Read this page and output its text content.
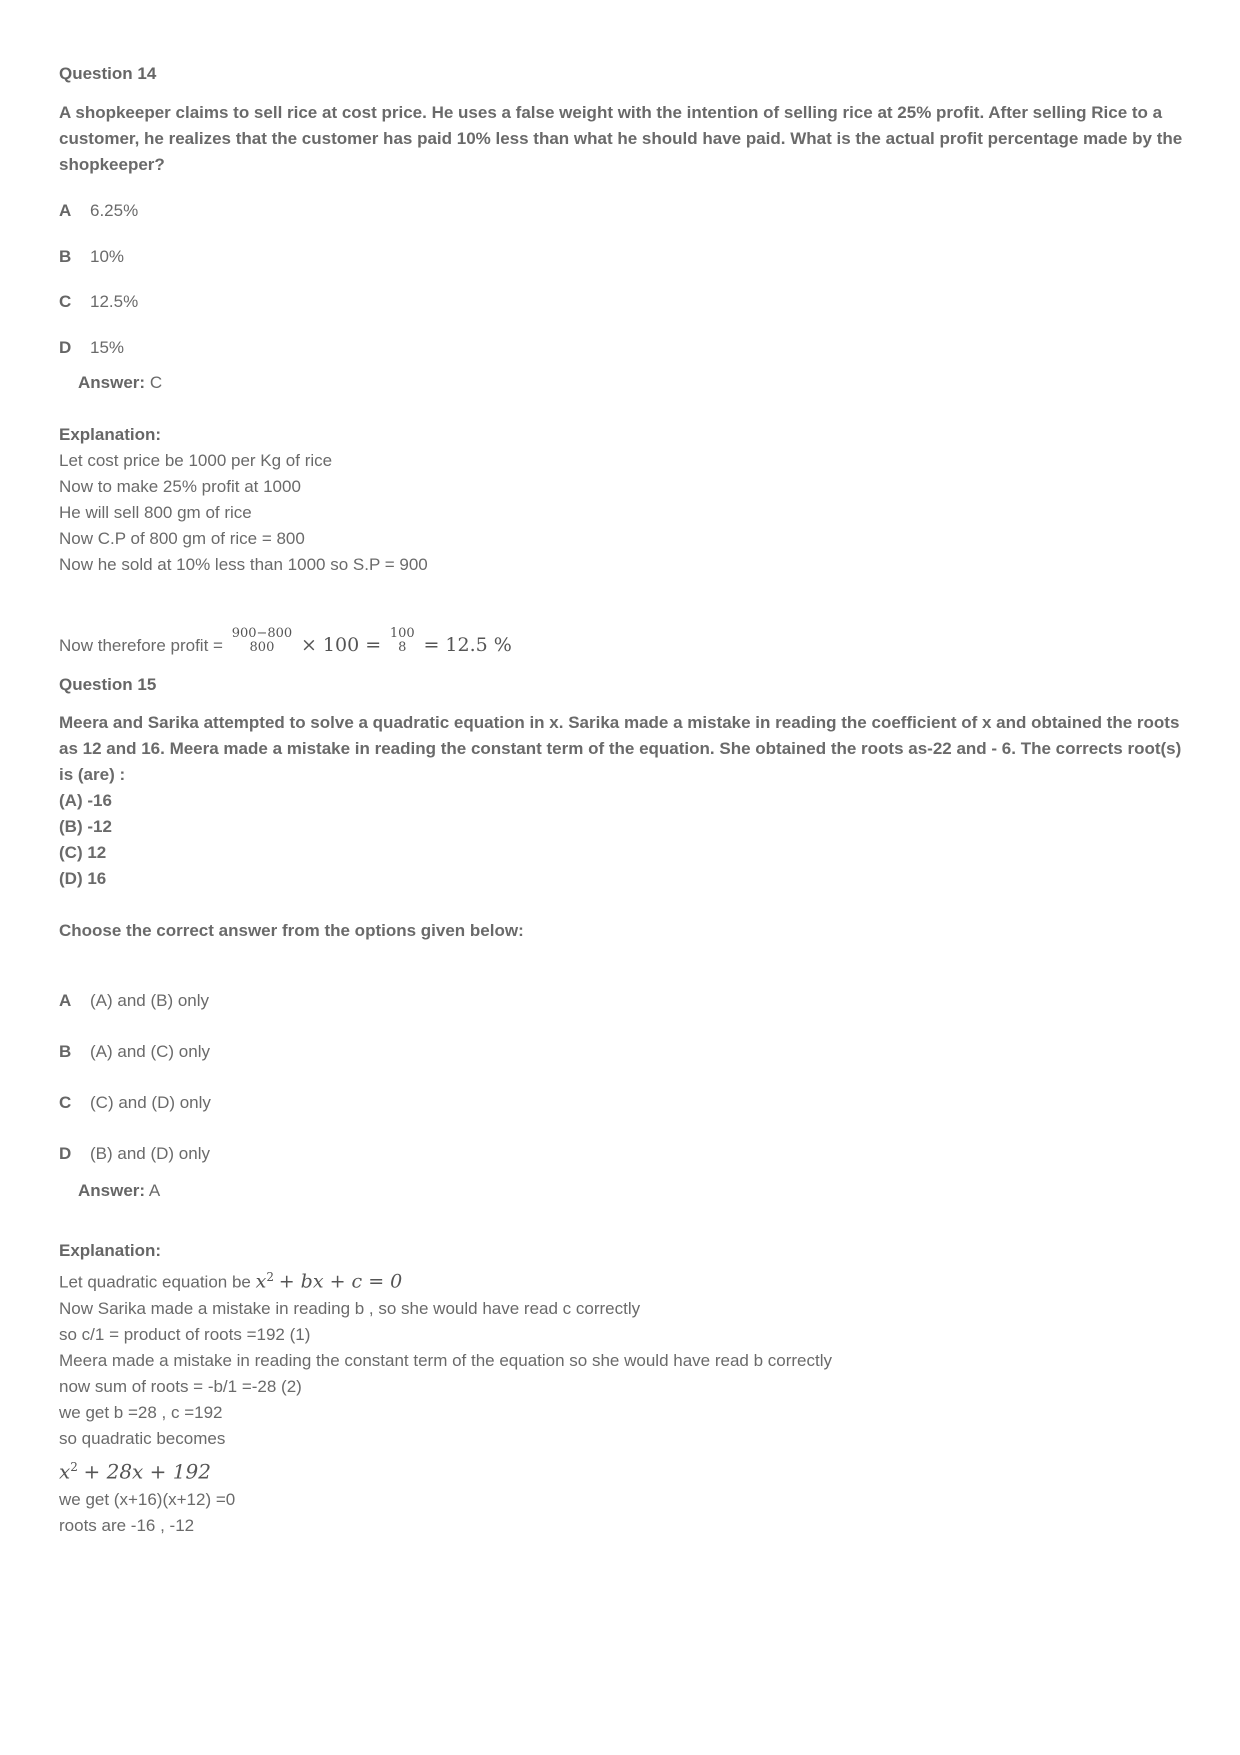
Question 14
A shopkeeper claims to sell rice at cost price. He uses a false weight with the intention of selling rice at 25% profit. After selling Rice to a customer, he realizes that the customer has paid 10% less than what he should have paid. What is the actual profit percentage made by the shopkeeper?
A	6.25%
B	10%
C	12.5%
D	15%
Answer: C
Explanation:
Let cost price be 1000 per Kg of rice
Now to make 25% profit at 1000
He will sell 800 gm of rice
Now C.P of 800 gm of rice = 800
Now he sold at 10% less than 1000 so S.P = 900
Now therefore profit =
900−800
800	× 100 =
100
8 = 12.5 %
Question 15
Meera and Sarika attempted to solve a quadratic equation in x. Sarika made a mistake in reading the coefficient of x and obtained the roots as 12 and 16. Meera made a mistake in reading the constant term of the equation. She obtained the roots as-22 and - 6. The corrects root(s) is (are) :
(A) -16
(B) -12
(C) 12
(D) 16
Choose the correct answer from the options given below:
A	(A) and (B) only
B	(A) and (C) only
C	(C) and (D) only
D	(B) and (D) only
Answer: A
Explanation:
Let quadratic equation be $x^2$ + bx + c = 0
Now Sarika made a mistake in reading b , so she would have read c correctly
so c/1 = product of roots =192 (1)
Meera made a mistake in reading the constant term of the equation so she would have read b correctly
now sum of roots = -b/1 =-28 (2)
we get b =28 , c =192
so quadratic becomes
$x^2 + 28x + 192$
we get (x+16)(x+12) =0
roots are -16 , -12
